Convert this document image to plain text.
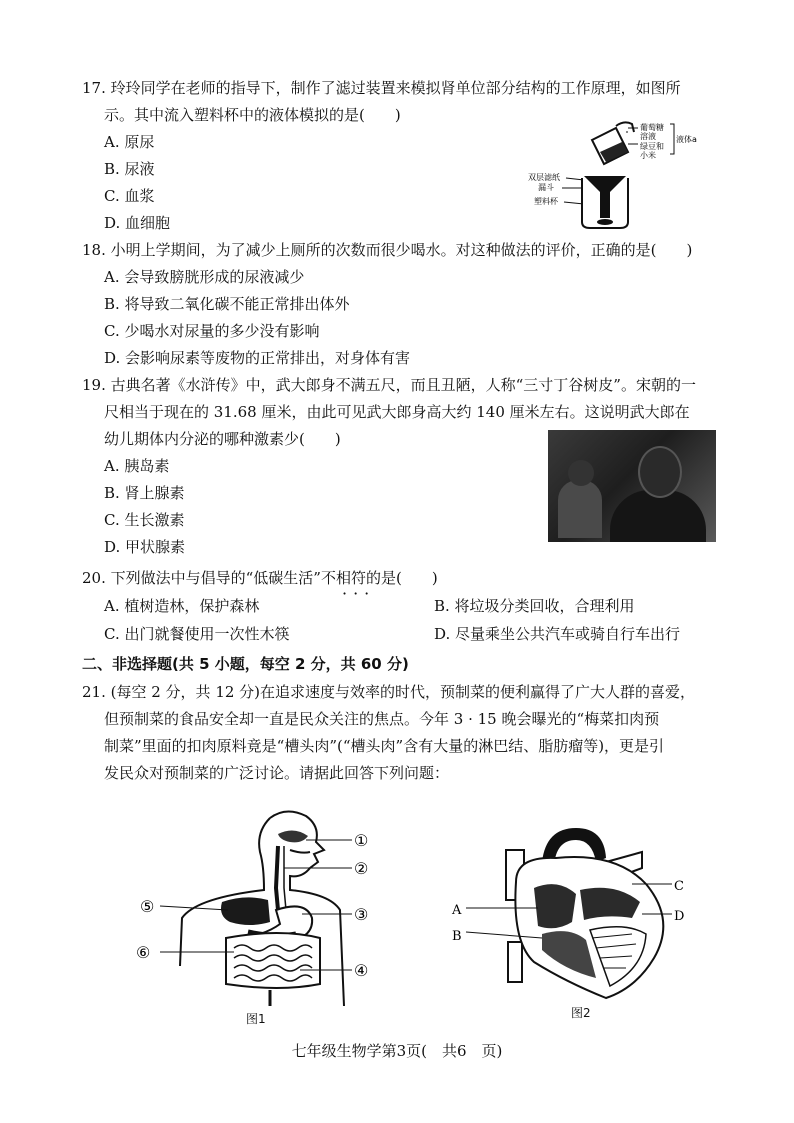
17. 玲玲同学在老师的指导下，制作了滤过装置来模拟肾单位部分结构的工作原理，如图所
示。其中流入塑料杯中的液体模拟的是(　　)
A. 原尿
B. 尿液
C. 血浆
D. 血细胞
葡萄糖
溶液
绿豆和
小米
液体a
双层滤纸
漏斗
塑料杯
18. 小明上学期间，为了减少上厕所的次数而很少喝水。对这种做法的评价，正确的是(　　)
A. 会导致膀胱形成的尿液减少
B. 将导致二氧化碳不能正常排出体外
C. 少喝水对尿量的多少没有影响
D. 会影响尿素等废物的正常排出，对身体有害
19. 古典名著《水浒传》中，武大郎身不满五尺，而且丑陋，人称“三寸丁谷树皮”。宋朝的一
尺相当于现在的 31.68 厘米，由此可见武大郎身高大约 140 厘米左右。这说明武大郎在
幼儿期体内分泌的哪种激素少(　　)
A. 胰岛素
B. 肾上腺素
C. 生长激素
D. 甲状腺素
20. 下列做法中与倡导的“低碳生活”不相符的是(　　)
···
A. 植树造林，保护森林	B. 将垃圾分类回收，合理利用
C. 出门就餐使用一次性木筷	D. 尽量乘坐公共汽车或骑自行车出行
二、非选择题(共 5 小题，每空 2 分，共 60 分)
21. (每空 2 分，共 12 分)在追求速度与效率的时代，预制菜的便利赢得了广大人群的喜爱，
但预制菜的食品安全却一直是民众关注的焦点。今年 3 · 15 晚会曝光的“梅菜扣肉预
制菜”里面的扣肉原料竟是“槽头肉”(“槽头肉”含有大量的淋巴结、脂肪瘤等)，更是引
发民众对预制菜的广泛讨论。请据此回答下列问题：
①
②
③
④
⑤
⑥
图1
A
B
C
D
图2
七年级生物学第3页(　共6　页)
